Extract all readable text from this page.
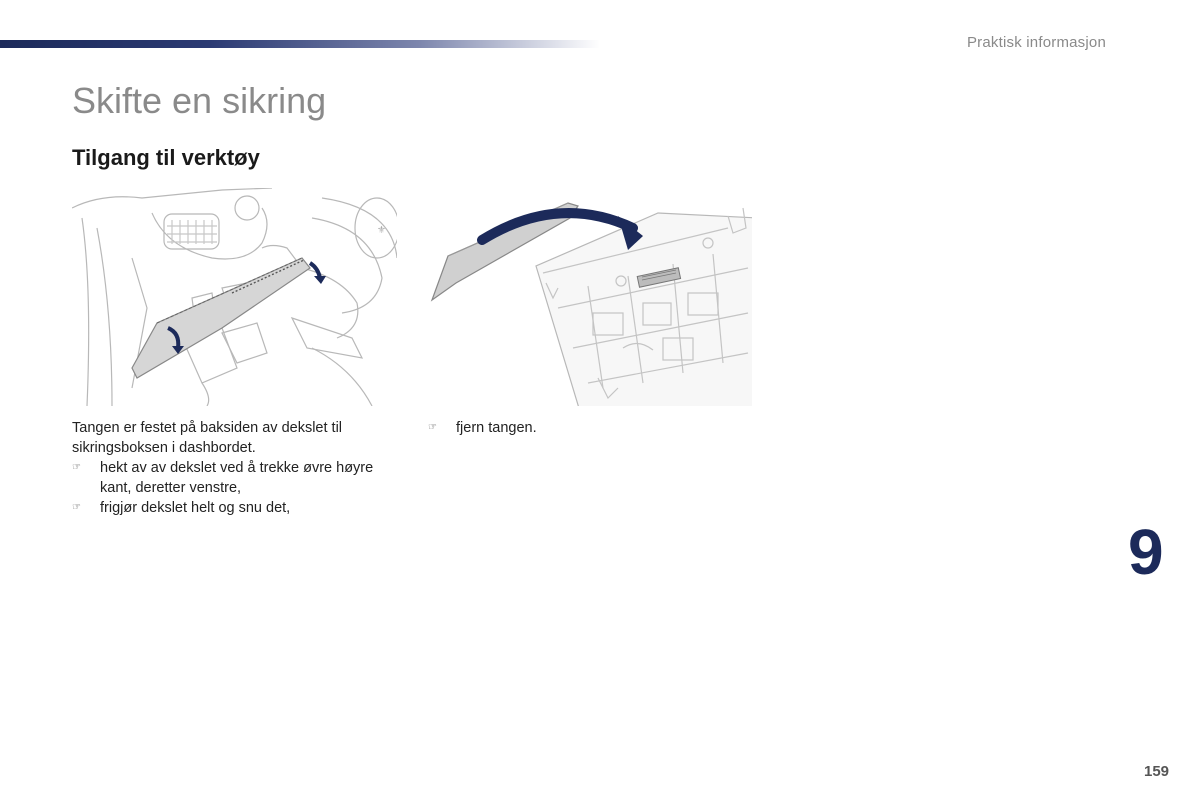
Praktisk informasjon
Skifte en sikring
Tilgang til verktøy
⚜

Tangen er festet på baksiden av dekslet til sikringsboksen i dashbordet.

☞	hekt av av dekslet ved å trekke øvre høyre kant, deretter venstre,
☞	frigjør dekslet helt og snu det,
☞	fjern tangen.
9
159
